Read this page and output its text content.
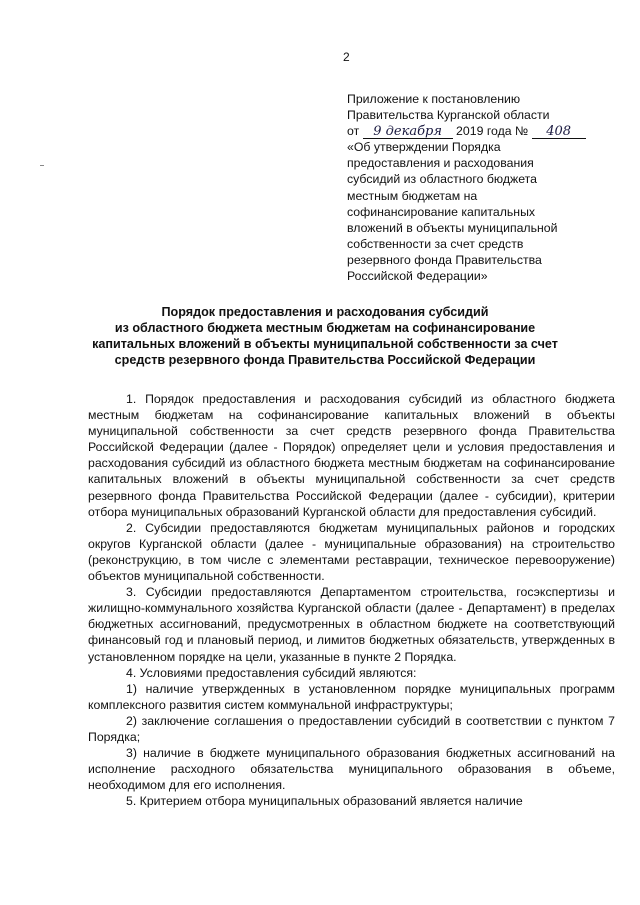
2
Приложение к постановлению
Правительства Курганской области
от 9 декабря 2019 года № 408
«Об утверждении Порядка
предоставления и расходования
субсидий из областного бюджета
местным бюджетам на
софинансирование капитальных
вложений в объекты муниципальной
собственности за счет средств
резервного фонда Правительства
Российской Федерации»
Порядок предоставления и расходования субсидий
из областного бюджета местным бюджетам на софинансирование
капитальных вложений в объекты муниципальной собственности за счет
средств резервного фонда Правительства Российской Федерации

1. Порядок предоставления и расходования субсидий из областного бюджета местным бюджетам на софинансирование капитальных вложений в объекты муниципальной собственности за счет средств резервного фонда Правительства Российской Федерации (далее - Порядок) определяет цели и условия предоставления и расходования субсидий из областного бюджета местным бюджетам на софинансирование капитальных вложений в объекты муниципальной собственности за счет средств резервного фонда Правительства Российской Федерации (далее - субсидии), критерии отбора муниципальных образований Курганской области для предоставления субсидий.

2. Субсидии предоставляются бюджетам муниципальных районов и городских округов Курганской области (далее - муниципальные образования) на строительство (реконструкцию, в том числе с элементами реставрации, техническое перевооружение) объектов муниципальной собственности.

3. Субсидии предоставляются Департаментом строительства, госэкспертизы и жилищно-коммунального хозяйства Курганской области (далее - Департамент) в пределах бюджетных ассигнований, предусмотренных в областном бюджете на соответствующий финансовый год и плановый период, и лимитов бюджетных обязательств, утвержденных в установленном порядке на цели, указанные в пункте 2 Порядка.

4. Условиями предоставления субсидий являются:

1) наличие утвержденных в установленном порядке муниципальных программ комплексного развития систем коммунальной инфраструктуры;

2) заключение соглашения о предоставлении субсидий в соответствии с пунктом 7 Порядка;

3) наличие в бюджете муниципального образования бюджетных ассигнований на исполнение расходного обязательства муниципального образования в объеме, необходимом для его исполнения.

5. Критерием отбора муниципальных образований является наличие
